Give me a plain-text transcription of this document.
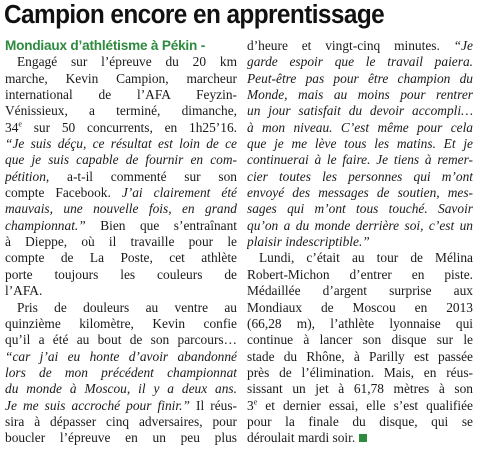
Campion encore en apprentissage
Mondiaux d’athlétisme à Pékin -
Engagé sur l’épreuve du 20 km
marche, Kevin Campion, marcheur
international de l’AFA Feyzin-
Vénissieux, a terminé, dimanche,
34e sur 50 concurrents, en 1h25’16.
“Je suis déçu, ce résultat est loin de ce
que je suis capable de fournir en com-
pétition, a-t-il commenté sur son
compte Facebook. J’ai clairement été
mauvais, une nouvelle fois, en grand
championnat.” Bien que s’entraînant
à Dieppe, où il travaille pour le
compte de La Poste, cet athlète
porte toujours les couleurs de
l’AFA.
Pris de douleurs au ventre au
quinzième kilomètre, Kevin confie
qu’il a été au bout de son parcours…
“car j’ai eu honte d’avoir abandonné
lors de mon précédent championnat
du monde à Moscou, il y a deux ans.
Je me suis accroché pour finir.” Il réus-
sira à dépasser cinq adversaires, pour
boucler l’épreuve en un peu plus
d’heure et vingt-cinq minutes. “Je
garde espoir que le travail paiera.
Peut-être pas pour être champion du
Monde, mais au moins pour rentrer
un jour satisfait du devoir accompli…
à mon niveau. C’est même pour cela
que je me lève tous les matins. Et je
continuerai à le faire. Je tiens à remer-
cier toutes les personnes qui m’ont
envoyé des messages de soutien, mes-
sages qui m’ont tous touché. Savoir
qu’on a du monde derrière soi, c’est un
plaisir indescriptible.”
Lundi, c’était au tour de Mélina
Robert-Michon d’entrer en piste.
Médaillée d’argent surprise aux
Mondiaux de Moscou en 2013
(66,28 m), l’athlète lyonnaise qui
continue à lancer son disque sur le
stade du Rhône, à Parilly est passée
près de l’élimination. Mais, en réus-
sissant un jet à 61,78 mètres à son
3e et dernier essai, elle s’est qualifiée
pour la finale du disque, qui se
déroulait mardi soir.
